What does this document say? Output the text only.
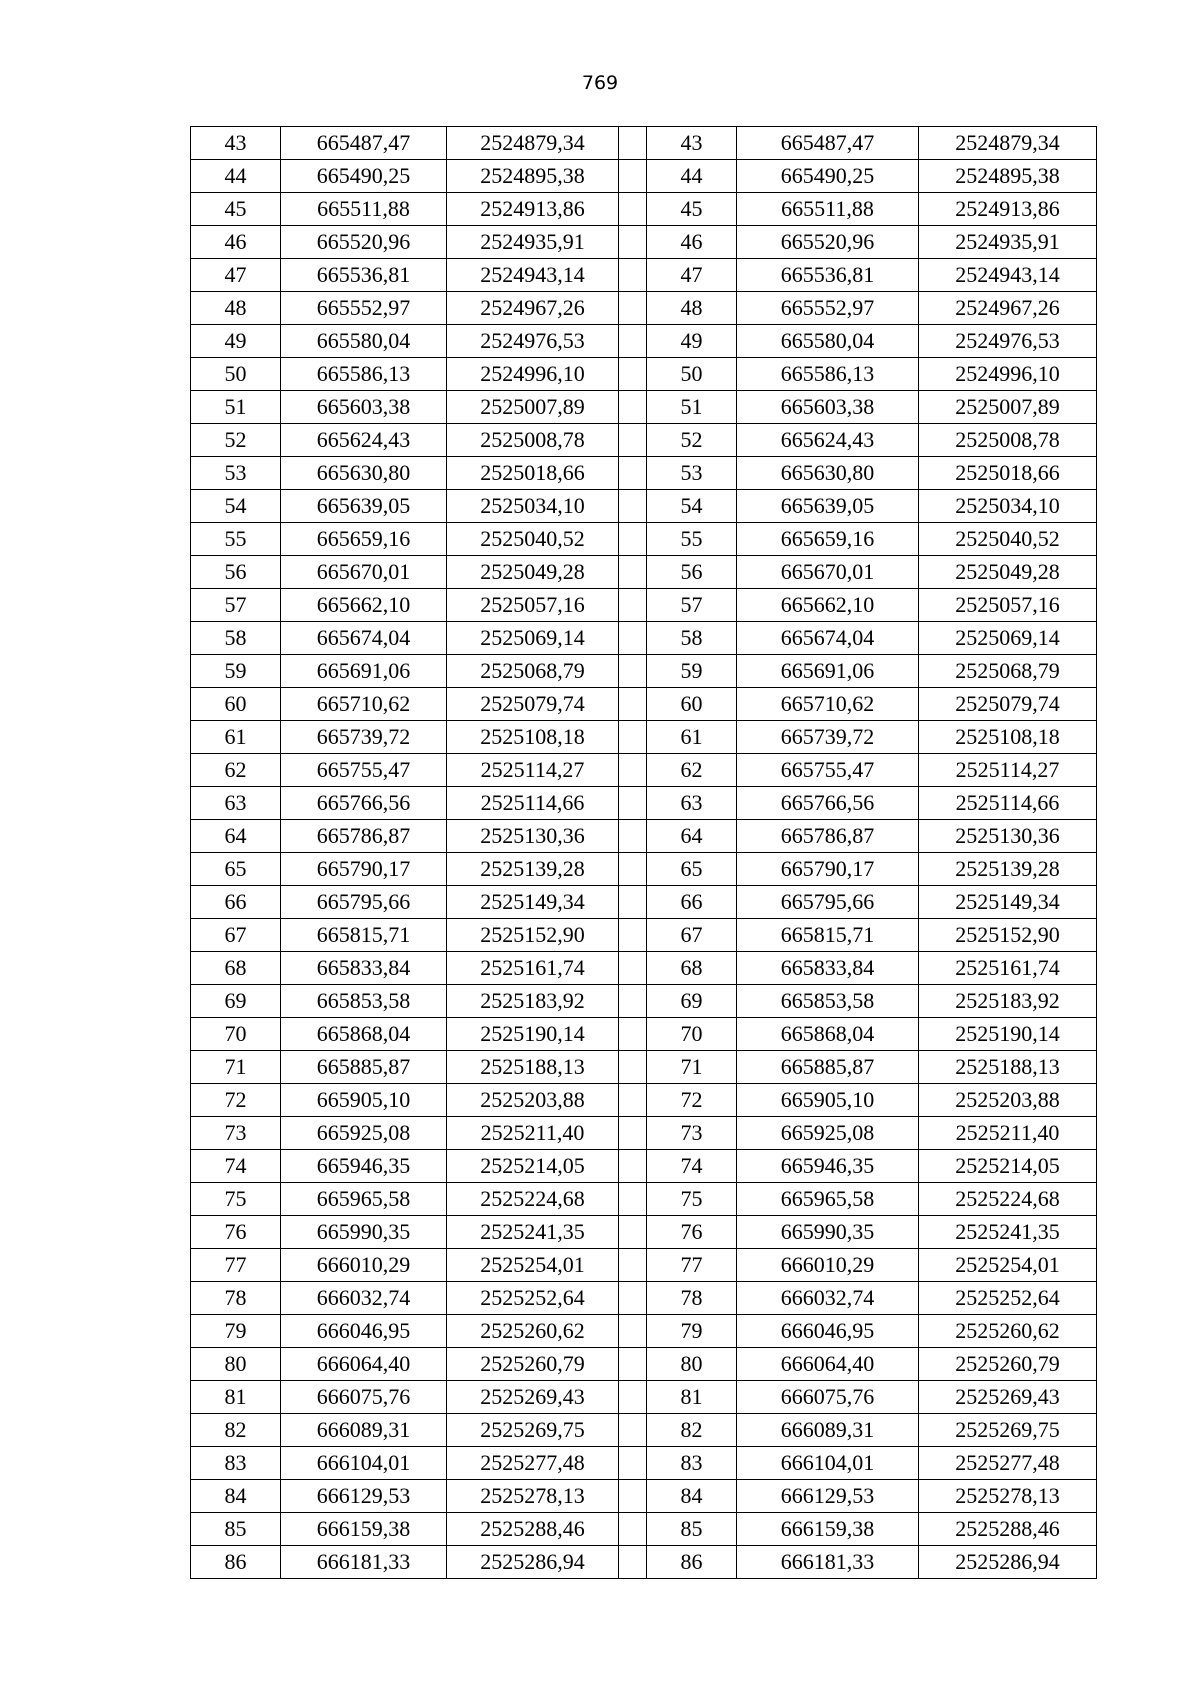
769
43	665487,47	2524879,34		43	665487,47	2524879,34
44	665490,25	2524895,38		44	665490,25	2524895,38
45	665511,88	2524913,86		45	665511,88	2524913,86
46	665520,96	2524935,91		46	665520,96	2524935,91
47	665536,81	2524943,14		47	665536,81	2524943,14
48	665552,97	2524967,26		48	665552,97	2524967,26
49	665580,04	2524976,53		49	665580,04	2524976,53
50	665586,13	2524996,10		50	665586,13	2524996,10
51	665603,38	2525007,89		51	665603,38	2525007,89
52	665624,43	2525008,78		52	665624,43	2525008,78
53	665630,80	2525018,66		53	665630,80	2525018,66
54	665639,05	2525034,10		54	665639,05	2525034,10
55	665659,16	2525040,52		55	665659,16	2525040,52
56	665670,01	2525049,28		56	665670,01	2525049,28
57	665662,10	2525057,16		57	665662,10	2525057,16
58	665674,04	2525069,14		58	665674,04	2525069,14
59	665691,06	2525068,79		59	665691,06	2525068,79
60	665710,62	2525079,74		60	665710,62	2525079,74
61	665739,72	2525108,18		61	665739,72	2525108,18
62	665755,47	2525114,27		62	665755,47	2525114,27
63	665766,56	2525114,66		63	665766,56	2525114,66
64	665786,87	2525130,36		64	665786,87	2525130,36
65	665790,17	2525139,28		65	665790,17	2525139,28
66	665795,66	2525149,34		66	665795,66	2525149,34
67	665815,71	2525152,90		67	665815,71	2525152,90
68	665833,84	2525161,74		68	665833,84	2525161,74
69	665853,58	2525183,92		69	665853,58	2525183,92
70	665868,04	2525190,14		70	665868,04	2525190,14
71	665885,87	2525188,13		71	665885,87	2525188,13
72	665905,10	2525203,88		72	665905,10	2525203,88
73	665925,08	2525211,40		73	665925,08	2525211,40
74	665946,35	2525214,05		74	665946,35	2525214,05
75	665965,58	2525224,68		75	665965,58	2525224,68
76	665990,35	2525241,35		76	665990,35	2525241,35
77	666010,29	2525254,01		77	666010,29	2525254,01
78	666032,74	2525252,64		78	666032,74	2525252,64
79	666046,95	2525260,62		79	666046,95	2525260,62
80	666064,40	2525260,79		80	666064,40	2525260,79
81	666075,76	2525269,43		81	666075,76	2525269,43
82	666089,31	2525269,75		82	666089,31	2525269,75
83	666104,01	2525277,48		83	666104,01	2525277,48
84	666129,53	2525278,13		84	666129,53	2525278,13
85	666159,38	2525288,46		85	666159,38	2525288,46
86	666181,33	2525286,94		86	666181,33	2525286,94
